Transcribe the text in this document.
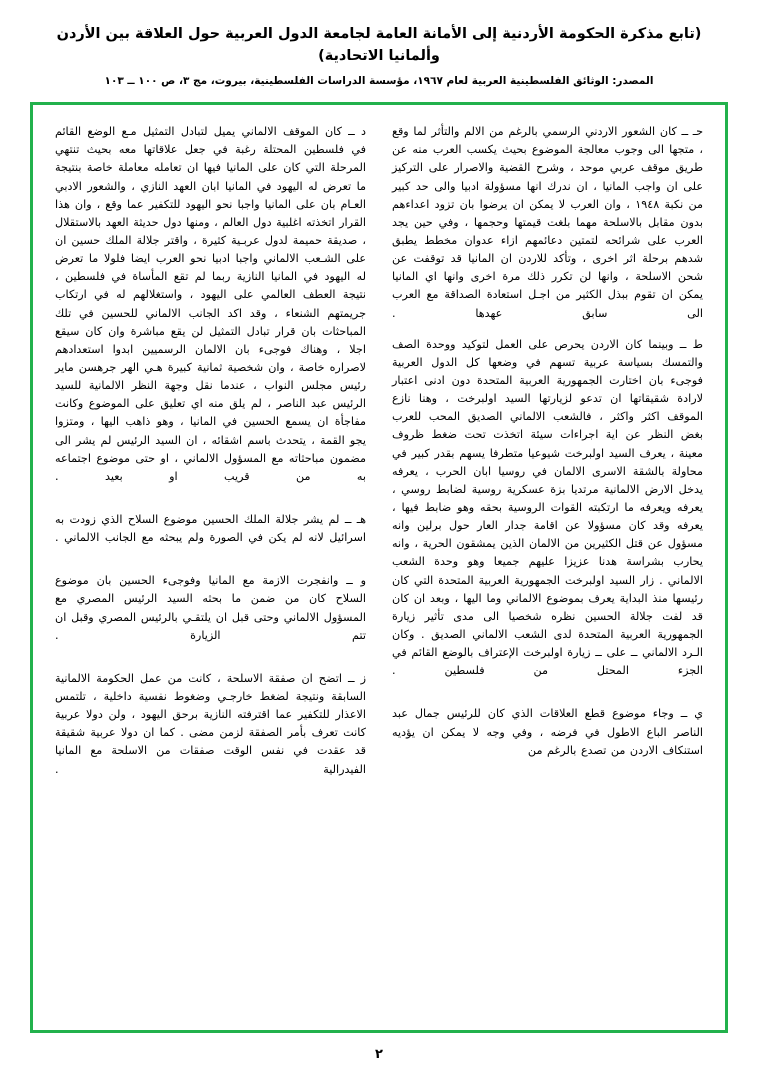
(تابع مذكرة الحكومة الأردنية إلى الأمانة العامة لجامعة الدول العربية حول العلاقة بين الأردن وألمانيا الاتحادية)
المصدر: الوثائق الفلسطينية العربية لعام ١٩٦٧، مؤسسة الدراسات الفلسطينية، بيروت، مج ٣، ص ١٠٠ ــ ١٠٣

حـ ــ كان الشعور الاردني الرسمي بالرغم من الالم والتأثر لما وقع ، متجها الى وجوب معالجة الموضوع بحيث يكسب العرب منه عن طريق موقف عربي موحد ، وشرح القضية والاصرار على التركيز على ان واجب المانيا ، ان ندرك انها مسؤولة ادبيا والى حد كبير من نكبة ١٩٤٨ ، وان العرب لا يمكن ان يرضوا بان تزود اعداءهم بدون مقابل بالاسلحة مهما بلغت قيمتها وحجمها ، وفي حين يجد العرب على شرائحه لتمتين دعائمهم ازاء عدوان مخطط يطبق شدهم برحلة اثر اخرى ، وتأكد للاردن ان المانيا قد توقفت عن شحن الاسلحة ، وانها لن تكرر ذلك مرة اخرى وانها اي المانيا يمكن ان تقوم ببذل الكثير من اجـل استعادة الصداقة مع العرب الى سابق عهدها .

ط ــ وبينما كان الاردن يحرص على العمل لتوكيد ووحدة الصف والتمسك بسياسة عربية تسهم في وضعها كل الدول العربية فوجىء بان اختارت الجمهورية العربية المتحدة دون ادنى اعتبار لارادة شقيقاتها ان تدعو لزيارتها السيد اولبرخت ، وهنا نازع الموقف اكثر واكثر ، فالشعب الالماني الصديق المحب للعرب بغض النظر عن اية اجراءات سيئة اتخذت تحت ضغط ظروف معينة ، يعرف السيد اولبرخت شيوعيا متطرفا يسهم بقدر كبير في محاولة بالشقة الاسرى الالمان في روسيا ابان الحرب ، يعرفه يدخل الارض الالمانية مرتديا بزة عسكرية روسية لضابط روسي ، يعرفه ويعرفه ما ارتكبته القوات الروسية بحقه وهو ضابط فيها ، يعرفه وقد كان مسؤولا عن اقامة جدار العار حول برلين وانه مسؤول عن قتل الكثيرين من الالمان الذين يمشقون الحرية ، وانه يحارب بشراسة هدنا عزيزا عليهم جميعا وهو وحدة الشعب الالماني . زار السيد اولبرخت الجمهورية العربية المتحدة التي كان رئيسها منذ البداية يعرف بموضوع الالماني وما اليها ، وبعد ان كان قد لفت جلالة الحسين نظره شخصيا الى مدى تأثير زيارة الجمهورية العربية المتحدة لدى الشعب الالماني الصديق . وكان الـرد الالماني ــ على ــ زيارة اولبرخت الإعتراف بالوضع القائم في الجزء المحتل من فلسطين .

ي ــ وجاء موضوع قطع العلاقات الذي كان للرئيس جمال عبد الناصر الباع الاطول في فرضه ، وفي وجه لا يمكن ان يؤديه استنكاف الاردن من تصدع بالرغم من

د ــ كان الموقف الالماني يميل لتبادل التمثيل مـع الوضع القائم في فلسطين المحتلة رغبة في جعل علاقاتها معه بحيث تنتهي المرحلة التي كان على المانيا فيها ان تعامله معاملة خاصة بنتيجة ما تعرض له اليهود في المانيا ابان العهد النازي ، والشعور الادبي العـام بان على المانيا واجبا نحو اليهود للتكفير عما وقع ، وان هذا القرار اتخذته اغلبية دول العالم ، ومنها دول حديثة العهد بالاستقلال ، صديقة حميمة لدول عربـية كثيرة ، واقتر جلالة الملك حسين ان على الشـعب الالماني واجبا ادبيا نحو العرب ايضا فلولا ما تعرض له اليهود في المانيا النازية ربما لم تقع المأساة في فلسطين ، نتيجة العطف العالمي على اليهود ، واستغلالهم له في ارتكاب جريمتهم الشنعاء ، وقد اكد الجانب الالماني للحسين في تلك المباحثات بان قرار تبادل التمثيل لن يقع مباشرة وان كان سيقع اجلا ، وهناك فوجىء بان الالمان الرسميين ابدوا استعدادهم لاصراره خاصة ، وان شخصية ثمانية كبيرة هـي الهر جرهسن ماير رئيس مجلس النواب ، عندما نقل وجهة النظر الالمانية للسيد الرئيس عبد الناصر ، لم يلق منه اي تعليق على الموضوع وكانت مفاجأة ان يسمع الحسين في المانيا ، وهو ذاهب اليها ، ومتزوا يجو القمة ، يتحدث باسم اشقائه ، ان السيد الرئيس لم يشر الى مضمون مباحثاته مع المسؤول الالماني ، او حتى موضوع اجتماعه به من قريب او بعيد .

هـ ــ لم يشر جلالة الملك الحسين موضوع السلاح الذي زودت به اسرائيل لانه لم يكن في الصورة ولم يبحثه مع الجانب الالماني .

و ــ وانفجرت الازمة مع المانيا وفوجىء الحسين بان موضوع السلاح كان من ضمن ما بحثه السيد الرئيس المصري مع المسؤول الالماني وحتى قبل ان يلتقـي بالرئيس المصري وقبل ان تتم الزيارة .

ز ــ اتضح ان صفقة الاسلحة ، كانت من عمل الحكومة الالمانية السابقة ونتيجة لضغط خارجـي وضغوط نفسية داخلية ، تلتمس الاعذار للتكفير عما اقترفته النازية برحق اليهود ، ولن دولا عربية كانت تعرف بأمر الصفقة لزمن مضى . كما ان دولا عربية شقيقة قد عقدت في نفس الوقت صفقات من الاسلحة مع المانيا الفيدرالية .

٢
